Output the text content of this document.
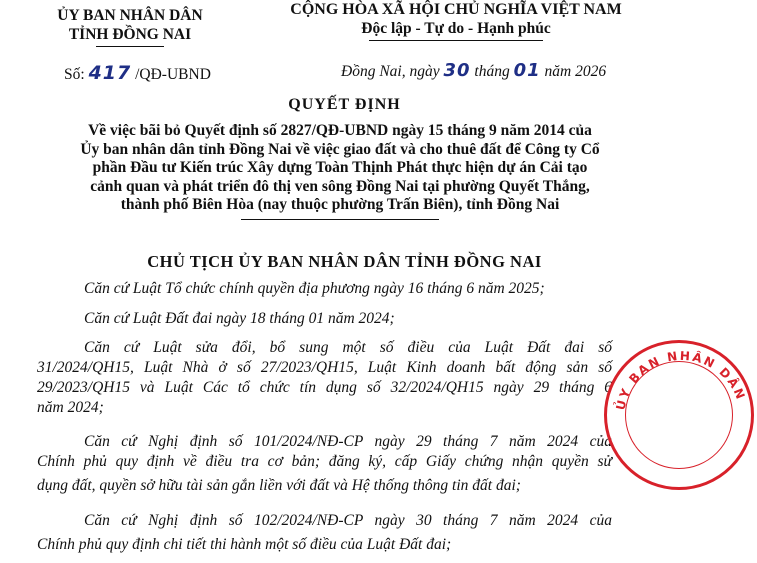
ỦY BAN NHÂN DÂN
TỈNH ĐỒNG NAI
CỘNG HÒA XÃ HỘI CHỦ NGHĨA VIỆT NAM
Độc lập - Tự do - Hạnh phúc
Số: 417 /QĐ-UBND	Đồng Nai, ngày 30 tháng 01 năm 2026
QUYẾT ĐỊNH
Về việc bãi bỏ Quyết định số 2827/QĐ-UBND ngày 15 tháng 9 năm 2014 của
Ủy ban nhân dân tỉnh Đồng Nai về việc giao đất và cho thuê đất để Công ty Cổ
phần Đầu tư Kiến trúc Xây dựng Toàn Thịnh Phát thực hiện dự án Cải tạo
cảnh quan và phát triển đô thị ven sông Đồng Nai tại phường Quyết Thắng,
thành phố Biên Hòa (nay thuộc phường Trấn Biên), tỉnh Đồng Nai
CHỦ TỊCH ỦY BAN NHÂN DÂN TỈNH ĐỒNG NAI
Căn cứ Luật Tổ chức chính quyền địa phương ngày 16 tháng 6 năm 2025;
Căn cứ Luật Đất đai ngày 18 tháng 01 năm 2024;
Căn cứ Luật sửa đổi, bổ sung một số điều của Luật Đất đai số
31/2024/QH15, Luật Nhà ở số 27/2023/QH15, Luật Kinh doanh bất động sản số
29/2023/QH15 và Luật Các tổ chức tín dụng số 32/2024/QH15 ngày 29 tháng 6
năm 2024;
Căn cứ Nghị định số 101/2024/NĐ-CP ngày 29 tháng 7 năm 2024 của
Chính phủ quy định về điều tra cơ bản; đăng ký, cấp Giấy chứng nhận quyền sử
dụng đất, quyền sở hữu tài sản gắn liền với đất và Hệ thống thông tin đất đai;
Căn cứ Nghị định số 102/2024/NĐ-CP ngày 30 tháng 7 năm 2024 của
Chính phủ quy định chi tiết thi hành một số điều của Luật Đất đai;
ỦY BAN NHÂN DÂN
